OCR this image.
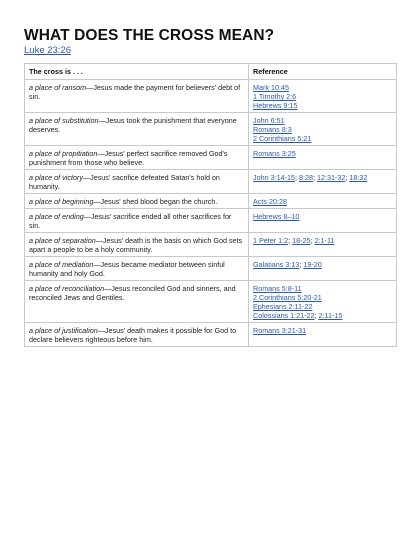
WHAT DOES THE CROSS MEAN?
Luke 23:26
The cross is . . .	Reference
a place of ransom—Jesus made the payment for believers' debt of sin.	Mark 10:45
1 Timothy 2:6
Hebrews 9:15

a place of substitution—Jesus took the punishment that everyone deserves.	John 6:51
Romans 8:3
2 Corinthians 5:21

a place of propitiation—Jesus' perfect sacrifice removed God's punishment from those who believe.	Romans 3:25

a place of victory—Jesus' sacrifice defeated Satan's hold on humanity.	John 3:14-15; 8:28; 12:31-32; 18:32

a place of beginning—Jesus' shed blood began the church.	Acts 20:28

a place of ending—Jesus' sacrifice ended all other sacrifices for sin.	Hebrews 8–10

a place of separation—Jesus' death is the basis on which God sets apart a people to be a holy community.	1 Peter 1:2; 18-25; 2:1-11

a place of mediation—Jesus became mediator between sinful humanity and holy God.	Galatians 3:13; 19-20

a place of reconciliation—Jesus reconciled God and sinners, and reconciled Jews and Gentiles.	Romans 5:8-11
2 Corinthians 5:20-21
Ephesians 2:11-22
Colossians 1:21-22; 2:11-15

a place of justification—Jesus' death makes it possible for God to declare believers righteous before him.	Romans 3:21-31
